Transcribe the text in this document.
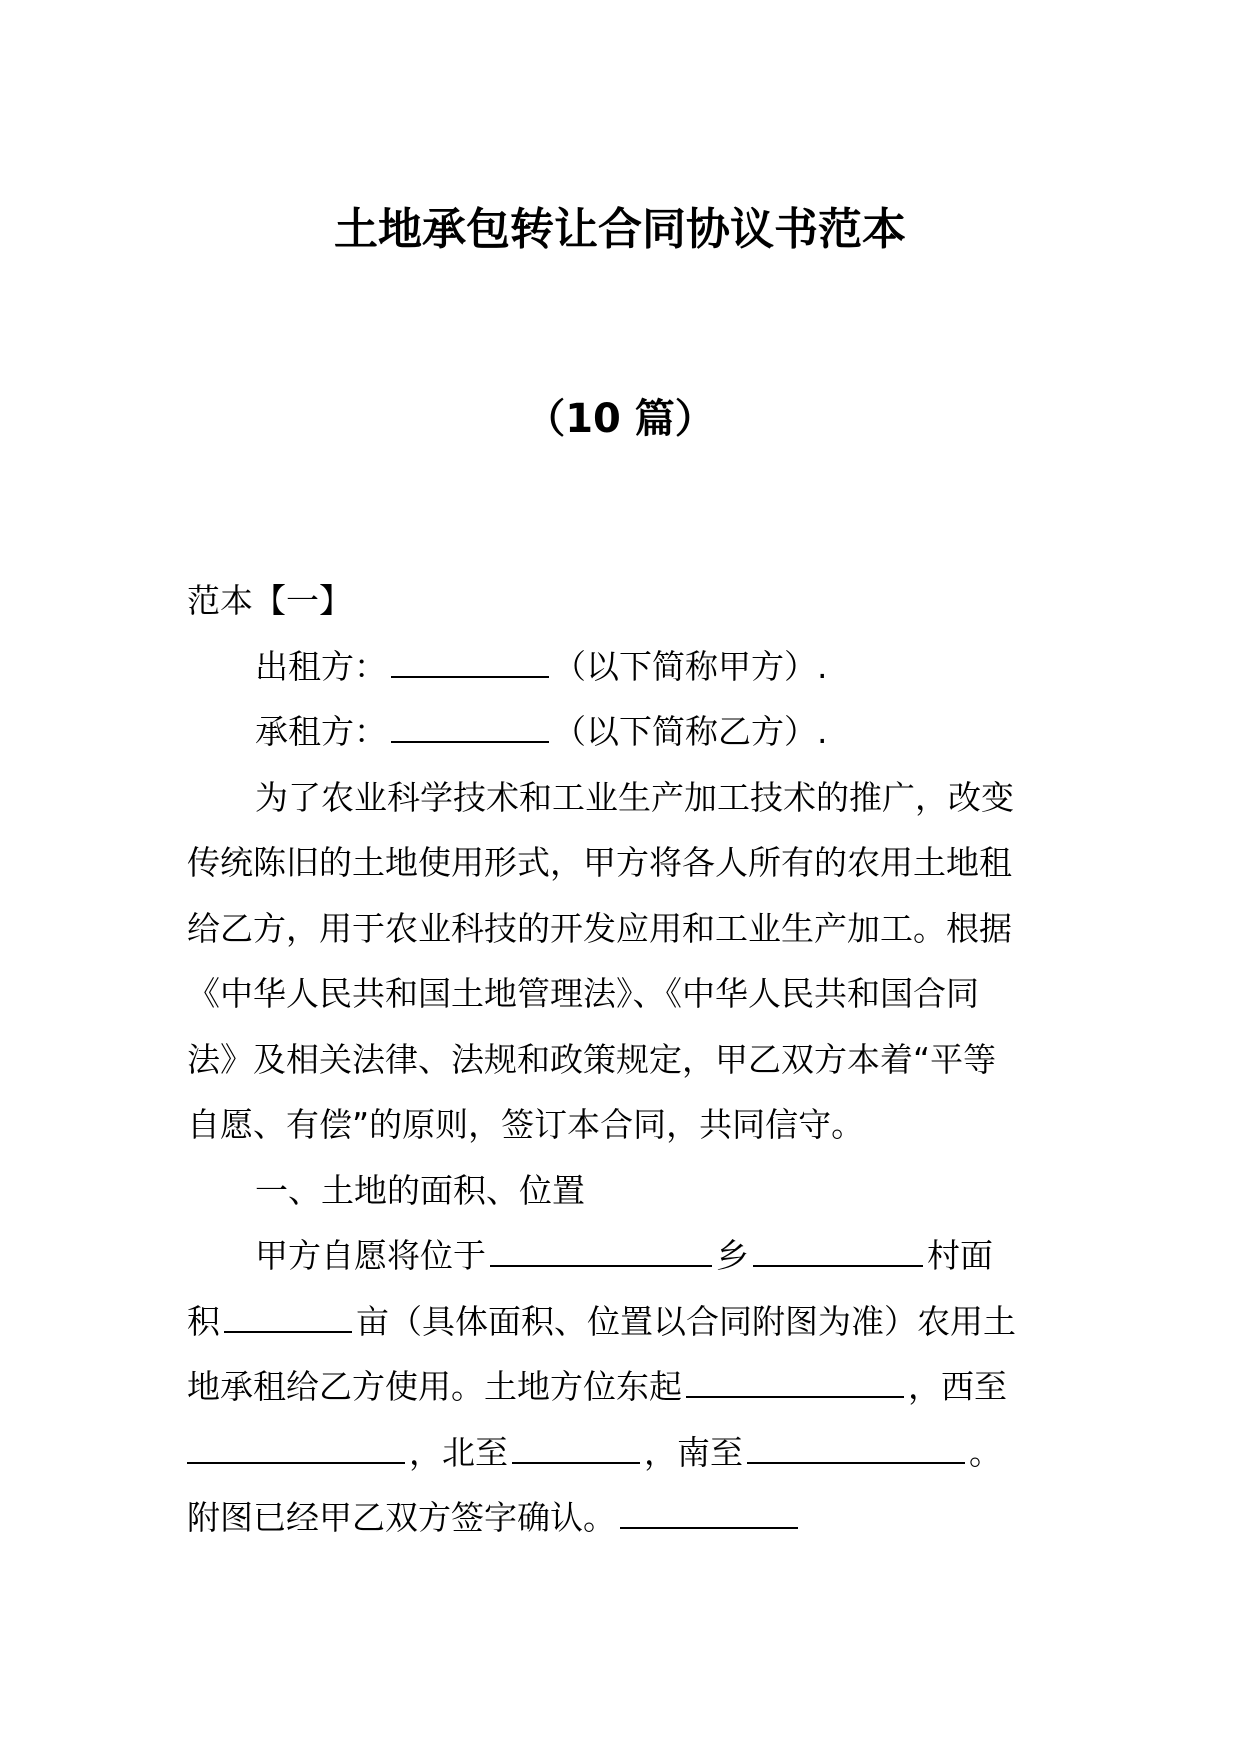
土地承包转让合同协议书范本
（10 篇）
范本【一】
出租方：	（以下简称甲方）.
承租方：	（以下简称乙方）.
为了农业科学技术和工业生产加工技术的推广，改变
传统陈旧的土地使用形式，甲方将各人所有的农用土地租
给乙方，用于农业科技的开发应用和工业生产加工。根据
《中华人民共和国土地管理法》、《中华人民共和国合同
法》及相关法律、法规和政策规定，甲乙双方本着“平等
自愿、有偿”的原则，签订本合同，共同信守。
一、土地的面积、位置
甲方自愿将位于	乡	村面
积	亩（具体面积、位置以合同附图为准）农用土
地承租给乙方使用。土地方位东起	，西至
，北至	，南至	。
附图已经甲乙双方签字确认。
